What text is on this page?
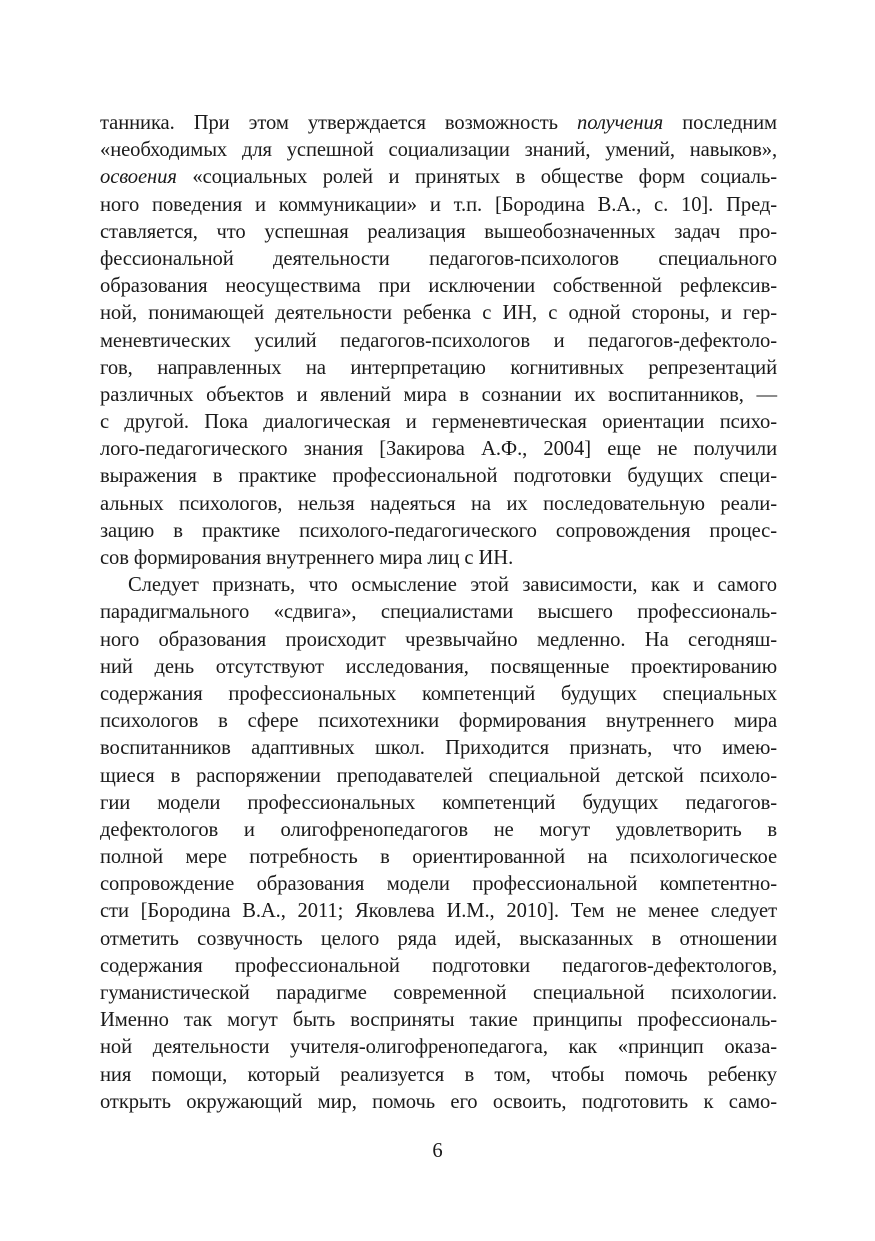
танника. При этом утверждается возможность получения последним
«необходимых для успешной социализации знаний, умений, навыков»,
освоения «социальных ролей и принятых в обществе форм социаль-
ного поведения и коммуникации» и т.п. [Бородина В.А., с. 10]. Пред-
ставляется, что успешная реализация вышеобозначенных задач про-
фессиональной деятельности педагогов-психологов специального
образования неосуществима при исключении собственной рефлексив-
ной, понимающей деятельности ребенка с ИН, с одной стороны, и гер-
меневтических усилий педагогов-психологов и педагогов-дефектоло-
гов, направленных на интерпретацию когнитивных репрезентаций
различных объектов и явлений мира в сознании их воспитанников, —
с другой. Пока диалогическая и герменевтическая ориентации психо-
лого-педагогического знания [Закирова А.Ф., 2004] еще не получили
выражения в практике профессиональной подготовки будущих специ-
альных психологов, нельзя надеяться на их последовательную реали-
зацию в практике психолого-педагогического сопровождения процес-
сов формирования внутреннего мира лиц с ИН.
Следует признать, что осмысление этой зависимости, как и самого
парадигмального «сдвига», специалистами высшего профессиональ-
ного образования происходит чрезвычайно медленно. На сегодняш-
ний день отсутствуют исследования, посвященные проектированию
содержания профессиональных компетенций будущих специальных
психологов в сфере психотехники формирования внутреннего мира
воспитанников адаптивных школ. Приходится признать, что имею-
щиеся в распоряжении преподавателей специальной детской психоло-
гии модели профессиональных компетенций будущих педагогов-
дефектологов и олигофренопедагогов не могут удовлетворить в
полной мере потребность в ориентированной на психологическое
сопровождение образования модели профессиональной компетентно-
сти [Бородина В.А., 2011; Яковлева И.М., 2010]. Тем не менее следует
отметить созвучность целого ряда идей, высказанных в отношении
содержания профессиональной подготовки педагогов-дефектологов,
гуманистической парадигме современной специальной психологии.
Именно так могут быть восприняты такие принципы профессиональ-
ной деятельности учителя-олигофренопедагога, как «принцип оказа-
ния помощи, который реализуется в том, чтобы помочь ребенку
открыть окружающий мир, помочь его освоить, подготовить к само-
6
